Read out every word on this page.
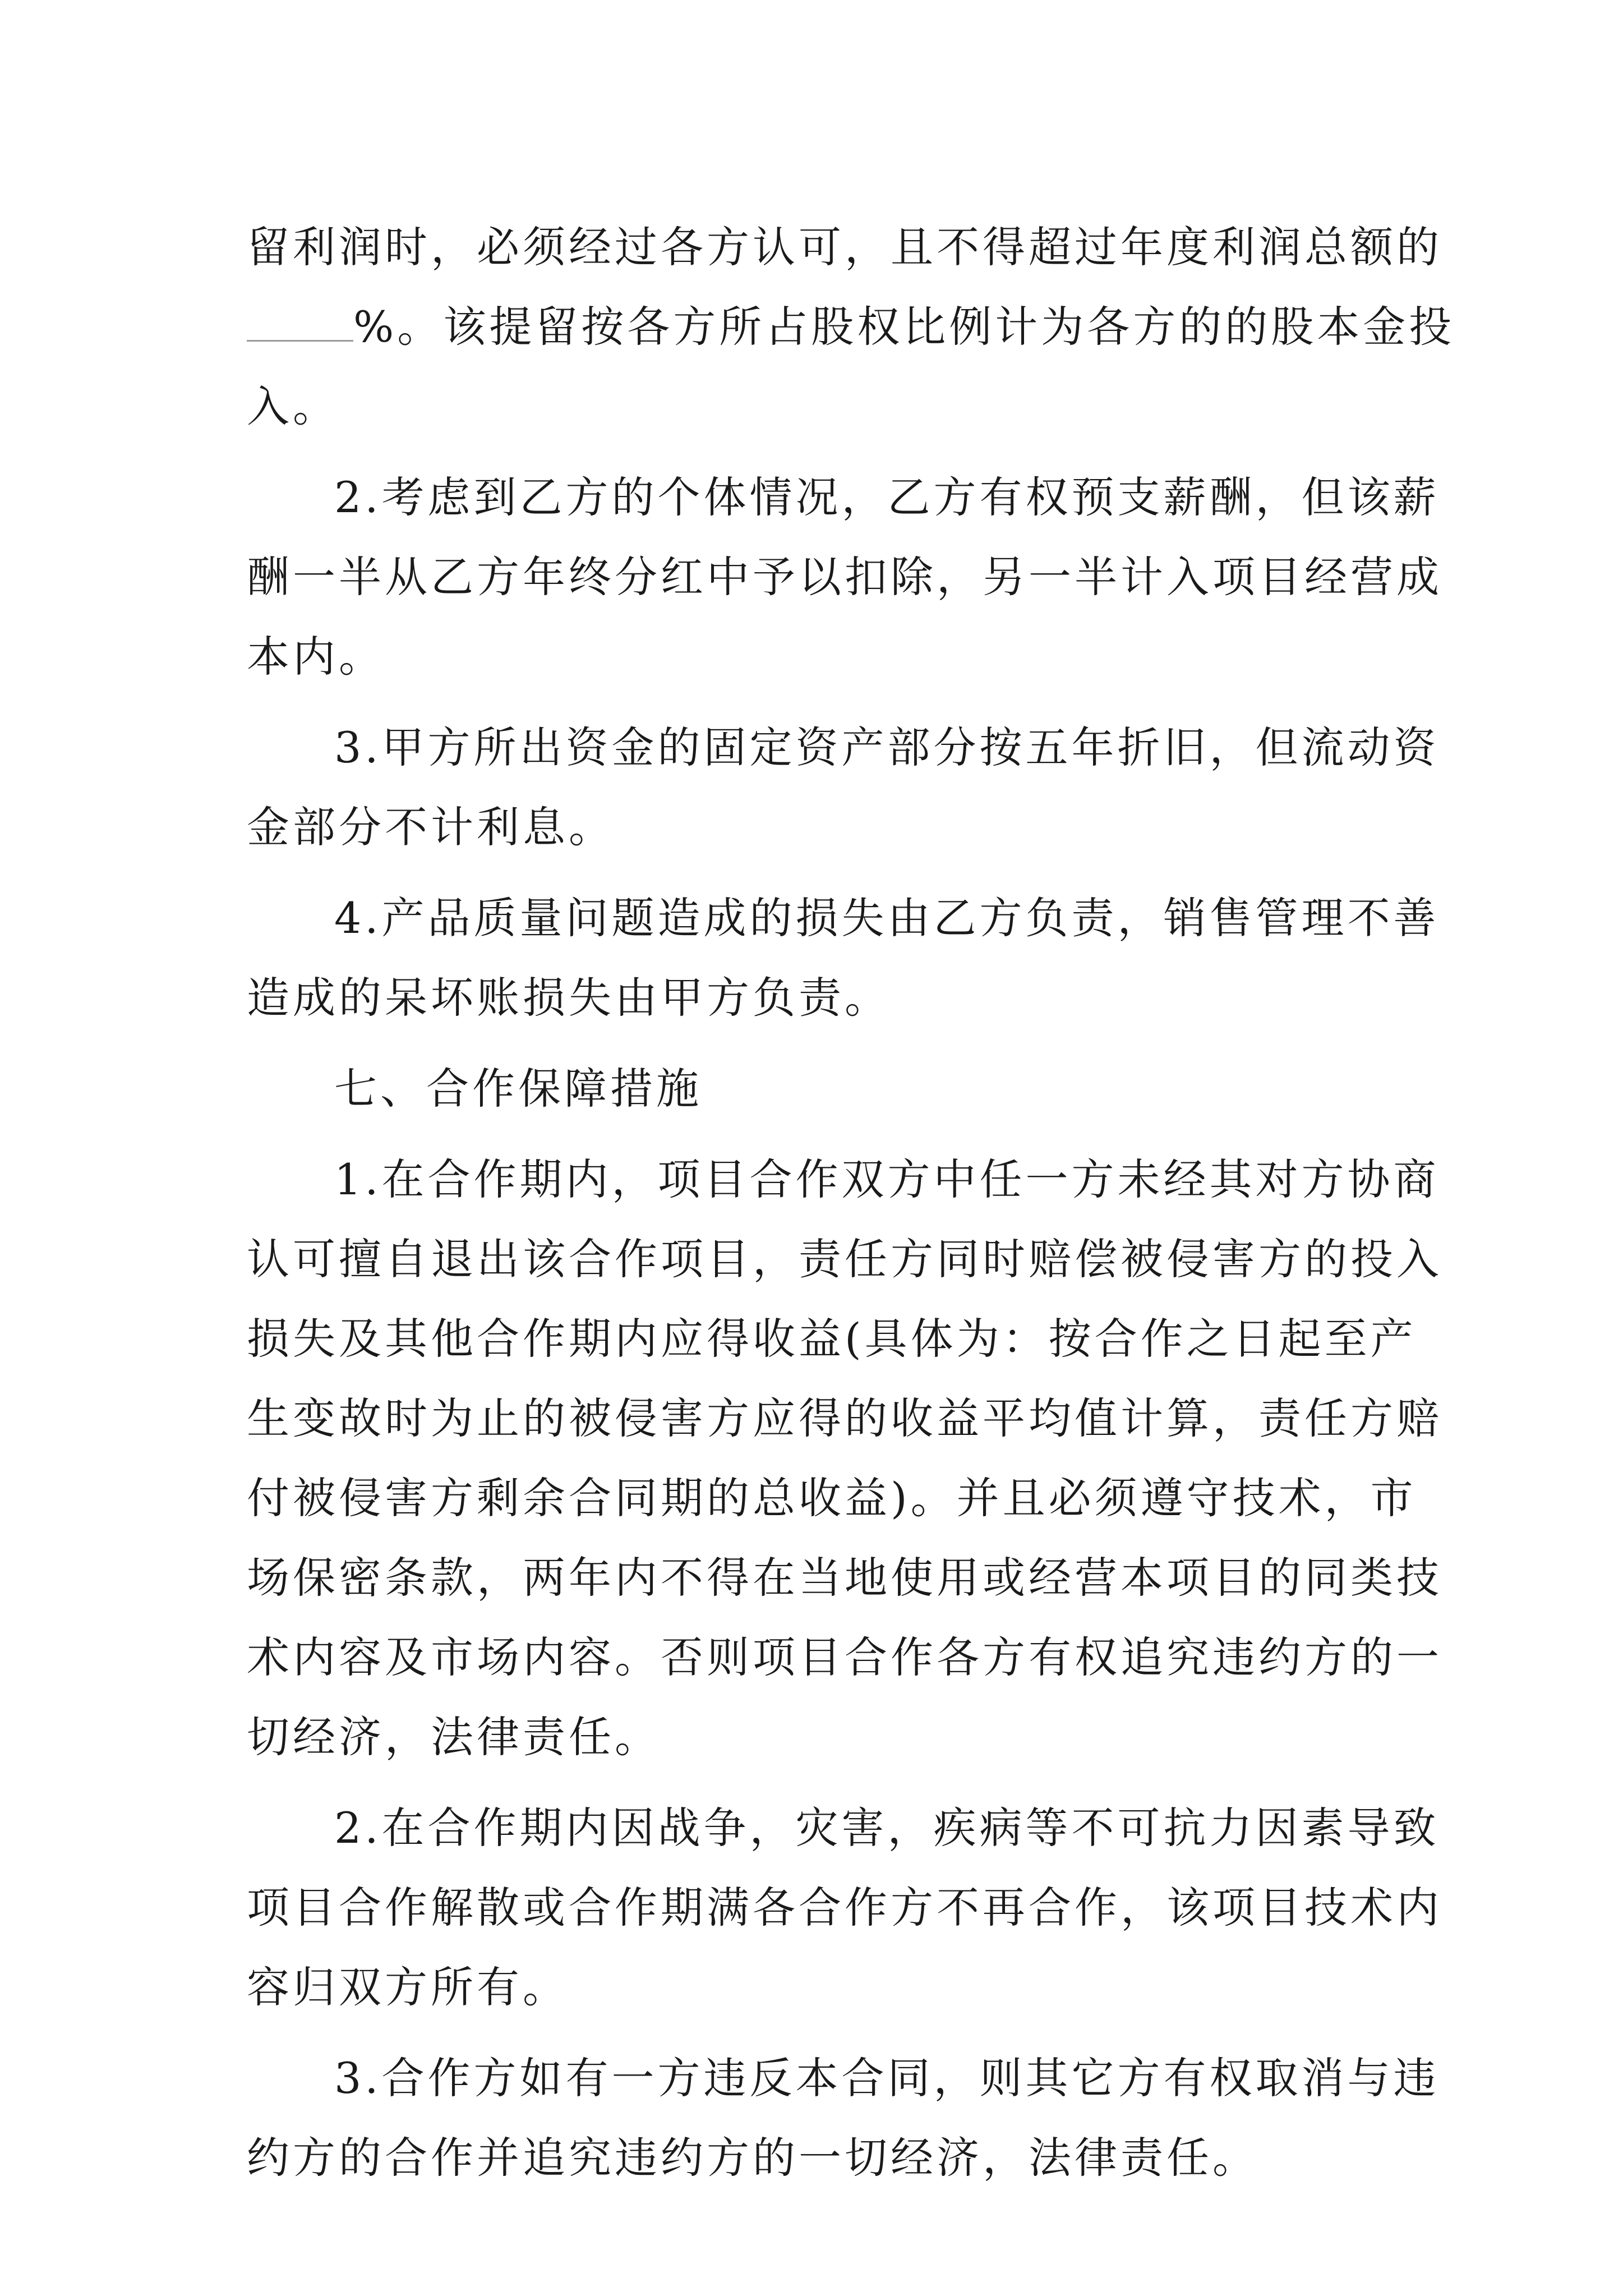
留利润时，必须经过各方认可，且不得超过年度利润总额的
%。该提留按各方所占股权比例计为各方的的股本金投
入。
2.考虑到乙方的个体情况，乙方有权预支薪酬，但该薪
酬一半从乙方年终分红中予以扣除，另一半计入项目经营成
本内。
3.甲方所出资金的固定资产部分按五年折旧，但流动资
金部分不计利息。
4.产品质量问题造成的损失由乙方负责，销售管理不善
造成的呆坏账损失由甲方负责。
七、合作保障措施
1.在合作期内，项目合作双方中任一方未经其对方协商
认可擅自退出该合作项目，责任方同时赔偿被侵害方的投入
损失及其他合作期内应得收益(具体为：按合作之日起至产
生变故时为止的被侵害方应得的收益平均值计算，责任方赔
付被侵害方剩余合同期的总收益)。并且必须遵守技术，市
场保密条款，两年内不得在当地使用或经营本项目的同类技
术内容及市场内容。否则项目合作各方有权追究违约方的一
切经济，法律责任。
2.在合作期内因战争，灾害，疾病等不可抗力因素导致
项目合作解散或合作期满各合作方不再合作，该项目技术内
容归双方所有。
3.合作方如有一方违反本合同，则其它方有权取消与违
约方的合作并追究违约方的一切经济，法律责任。
